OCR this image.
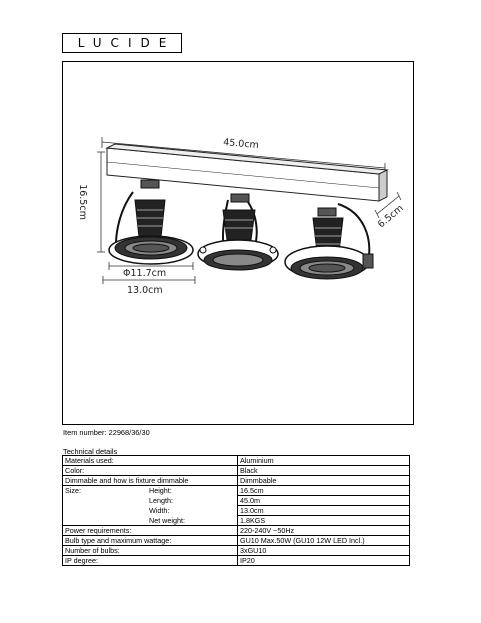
LUCIDE
45.0cm
16.5cm	6.5cm
Φ11.7cm
13.0cm
Item number: 22968/36/30
Technical details
Materials used:	Aluminium
Color:	Black
Dimmable and how is fixture dimmable	Dimmbable

Size: Height:	16.5cm

Length:	45.0m

Width:	13.0cm

Net weight:	1.8KGS
Power requirements:	220-240V ~50Hz
Bulb type and maximum wattage:	GU10 Max.50W (GU10 12W LED Incl.)
Number of bulbs:	3xGU10
IP degree:	IP20
